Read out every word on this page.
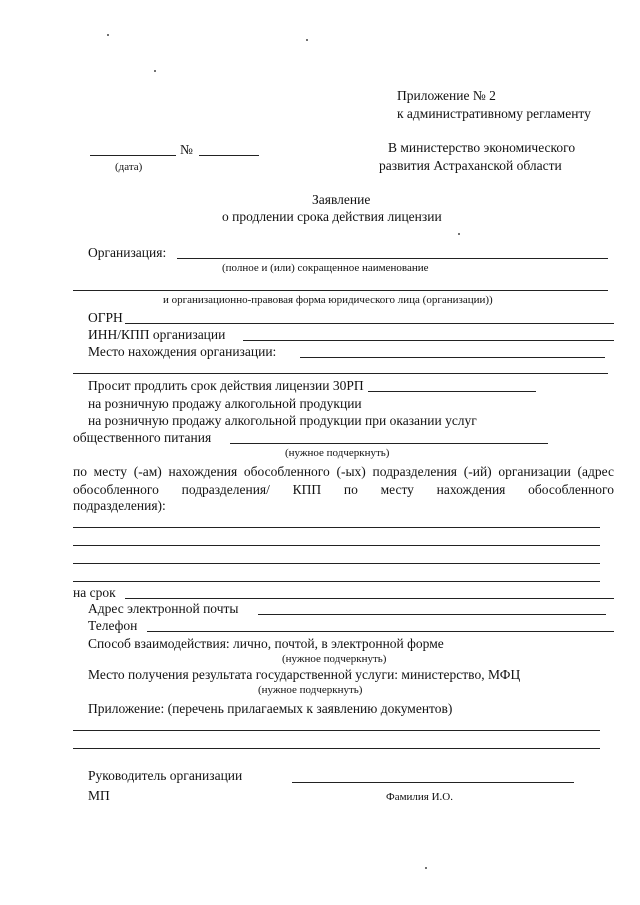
Приложение № 2
к административному регламенту
№
(дата)
В министерство экономического
развития Астраханской области
Заявление
о продлении срока действия лицензии
Организация:
(полное и (или) сокращенное наименование
и организационно-правовая форма юридического лица (организации))
ОГРН
ИНН/КПП организации
Место нахождения организации:
Просит продлить срок действия лицензии 30РП
на розничную продажу алкогольной продукции
на розничную продажу алкогольной продукции при оказании услуг
общественного питания
(нужное подчеркнуть)
по месту (-ам) нахождения обособленного (-ых) подразделения (-ий) организации (адрес обособленного подразделения/ КПП по месту нахождения обособленного
подразделения):
на срок
Адрес электронной почты
Телефон
Способ взаимодействия: лично, почтой, в электронной форме
(нужное подчеркнуть)
Место получения результата государственной услуги: министерство, МФЦ
(нужное подчеркнуть)
Приложение: (перечень прилагаемых к заявлению документов)
Руководитель организации
МП	Фамилия И.О.
